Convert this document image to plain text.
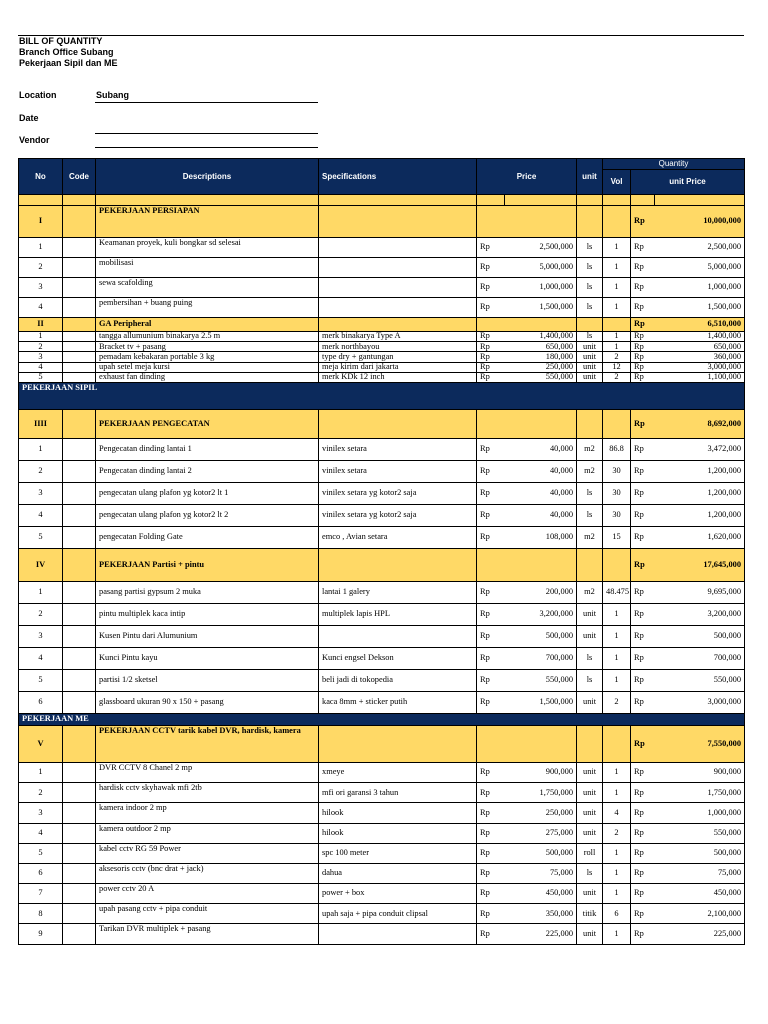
BILL OF QUANTITY
Branch Office Subang
Pekerjaan Sipil dan ME
Location	Subang
Date
Vendor
No	Code	Descriptions	Specifications	Price		unit	Quantity		
							Vol	unit Price	

I		PEKERJAAN PERSIAPAN						Rp	10,000,000
1		Keamanan proyek, kuli bongkar sd selesai		Rp	2,500,000	ls	1	Rp	2,500,000
2		mobilisasi		Rp	5,000,000	ls	1	Rp	5,000,000
3		sewa scafolding		Rp	1,000,000	ls	1	Rp	1,000,000
4		pembersihan + buang puing		Rp	1,500,000	ls	1	Rp	1,500,000
II		GA Peripheral						Rp	6,510,000
1		tangga allumunium binakarya 2.5 m	merk binakarya Type A	Rp	1,400,000	ls	1	Rp	1,400,000
2		Bracket tv + pasang	merk northbayou	Rp	650,000	unit	1	Rp	650,000
3		pemadam kebakaran portable 3 kg	type dry + gantungan	Rp	180,000	unit	2	Rp	360,000
4		upah setel meja kursi	meja kirim dari jakarta	Rp	250,000	unit	12	Rp	3,000,000
5		exhaust fan dinding	merk KDk 12 inch	Rp	550,000	unit	2	Rp	1,100,000
PEKERJAAN SIPIL									
IIII		PEKERJAAN PENGECATAN						Rp	8,692,000
1		Pengecatan dinding lantai 1	vinilex setara	Rp	40,000	m2	86.8	Rp	3,472,000
2		Pengecatan dinding lantai 2	vinilex setara	Rp	40,000	m2	30	Rp	1,200,000
3		pengecatan ulang plafon yg kotor2 lt 1	vinilex setara yg kotor2 saja	Rp	40,000	ls	30	Rp	1,200,000
4		pengecatan ulang plafon yg kotor2 lt 2	vinilex setara yg kotor2 saja	Rp	40,000	ls	30	Rp	1,200,000
5		pengecatan Folding Gate	emco , Avian setara	Rp	108,000	m2	15	Rp	1,620,000
IV		PEKERJAAN Partisi + pintu						Rp	17,645,000
1		pasang partisi gypsum 2 muka	lantai 1 galery	Rp	200,000	m2	48.475	Rp	9,695,000
2		pintu multiplek kaca intip	multiplek lapis HPL	Rp	3,200,000	unit	1	Rp	3,200,000
3		Kusen Pintu dari Alumunium		Rp	500,000	unit	1	Rp	500,000
4		Kunci Pintu kayu	Kunci engsel Dekson	Rp	700,000	ls	1	Rp	700,000
5		partisi 1/2 sketsel	beli jadi di tokopedia	Rp	550,000	ls	1	Rp	550,000
6		glassboard ukuran 90 x 150 + pasang	kaca 8mm + sticker putih	Rp	1,500,000	unit	2	Rp	3,000,000
PEKERJAAN ME									
V		PEKERJAAN CCTV tarik kabel DVR, hardisk, kamera						Rp	7,550,000
1		DVR CCTV 8 Chanel 2 mp	xmeye	Rp	900,000	unit	1	Rp	900,000
2		hardisk cctv skyhawak mfi 2tb	mfi ori garansi 3 tahun	Rp	1,750,000	unit	1	Rp	1,750,000
3		kamera indoor 2 mp	hilook	Rp	250,000	unit	4	Rp	1,000,000
4		kamera outdoor 2 mp	hilook	Rp	275,000	unit	2	Rp	550,000
5		kabel cctv RG 59 Power	spc 100 meter	Rp	500,000	roll	1	Rp	500,000
6		aksesoris cctv (bnc drat + jack)	dahua	Rp	75,000	ls	1	Rp	75,000
7		power cctv 20 A	power + box	Rp	450,000	unit	1	Rp	450,000
8		upah pasang cctv + pipa conduit	upah saja + pipa conduit clipsal	Rp	350,000	titik	6	Rp	2,100,000
9		Tarikan DVR multiplek + pasang		Rp	225,000	unit	1	Rp	225,000
